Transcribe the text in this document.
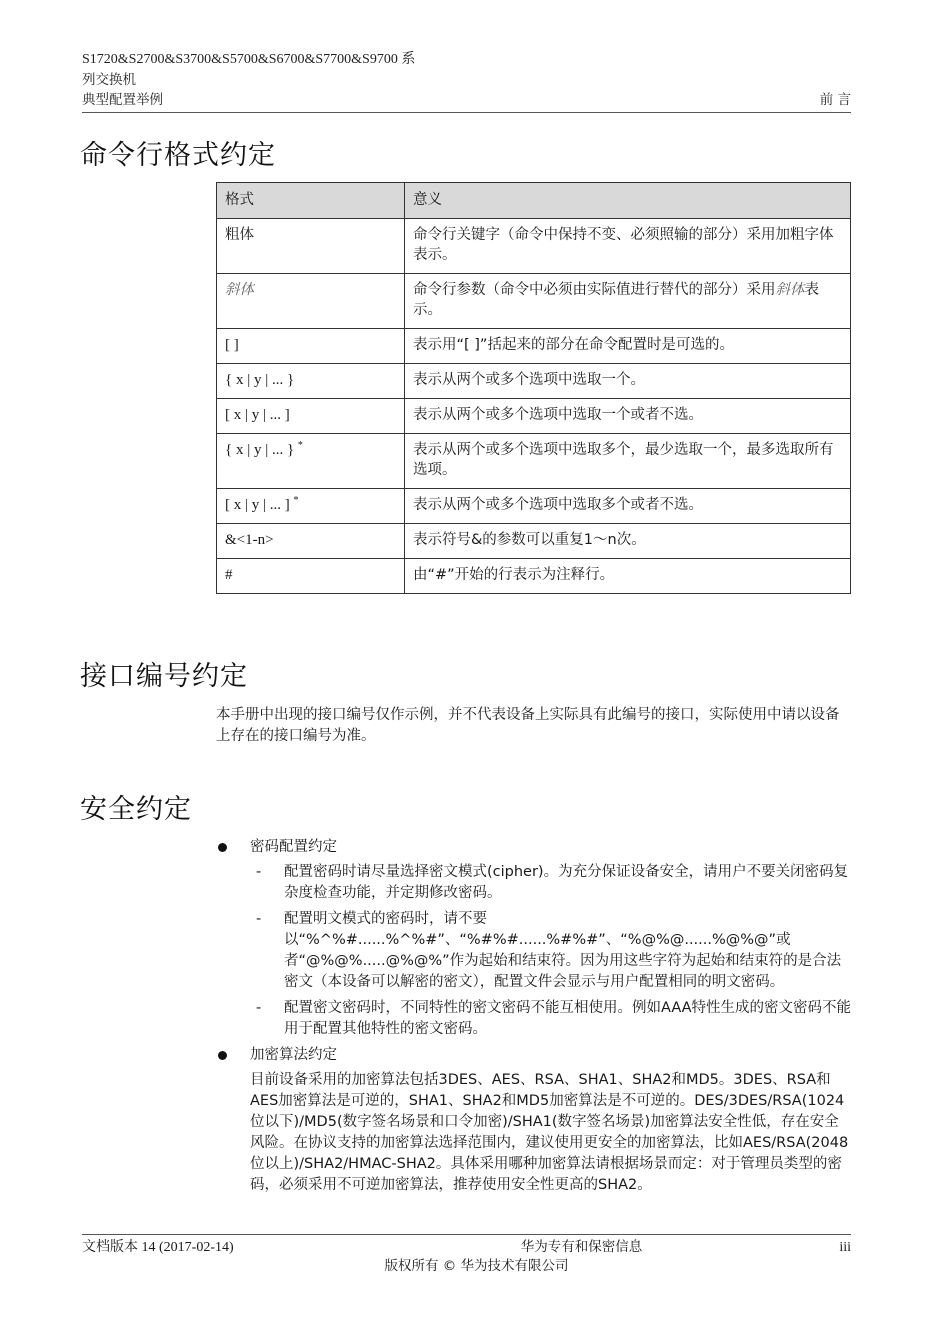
S1720&S2700&S3700&S5700&S6700&S7700&S9700 系
列交换机
典型配置举例	前 言
命令行格式约定
格式	意义
粗体	命令行关键字（命令中保持不变、必须照输的部分）采用加粗字体表示。
斜体	命令行参数（命令中必须由实际值进行替代的部分）采用斜体表示。
[ ]	表示用“[ ]”括起来的部分在命令配置时是可选的。
{ x | y | ... }	表示从两个或多个选项中选取一个。
[ x | y | ... ]	表示从两个或多个选项中选取一个或者不选。
{ x | y | ... } *	表示从两个或多个选项中选取多个，最少选取一个，最多选取所有选项。
[ x | y | ... ] *	表示从两个或多个选项中选取多个或者不选。
&<1-n>	表示符号&的参数可以重复1～n次。
#	由“#”开始的行表示为注释行。
接口编号约定
本手册中出现的接口编号仅作示例，并不代表设备上实际具有此编号的接口，实际使用中请以设备上存在的接口编号为准。
安全约定
密码配置约定
- 配置密码时请尽量选择密文模式(cipher)。为充分保证设备安全，请用户不要关闭密码复杂度检查功能，并定期修改密码。
- 配置明文模式的密码时，请不要以“%^%#......%^%#”、“%#%#......%#%#”、“%@%@......%@%@”或者“@%@%.....@%@%”作为起始和结束符。因为用这些字符为起始和结束符的是合法密文（本设备可以解密的密文），配置文件会显示与用户配置相同的明文密码。
- 配置密文密码时，不同特性的密文密码不能互相使用。例如AAA特性生成的密文密码不能用于配置其他特性的密文密码。
加密算法约定
目前设备采用的加密算法包括3DES、AES、RSA、SHA1、SHA2和MD5。3DES、RSA和AES加密算法是可逆的，SHA1、SHA2和MD5加密算法是不可逆的。DES/3DES/RSA(1024位以下)/MD5(数字签名场景和口令加密)/SHA1(数字签名场景)加密算法安全性低，存在安全风险。在协议支持的加密算法选择范围内，建议使用更安全的加密算法，比如AES/RSA(2048位以上)/SHA2/HMAC-SHA2。具体采用哪种加密算法请根据场景而定：对于管理员类型的密码，必须采用不可逆加密算法，推荐使用安全性更高的SHA2。
文档版本 14 (2017-02-14)	华为专有和保密信息	iii
版权所有 © 华为技术有限公司
